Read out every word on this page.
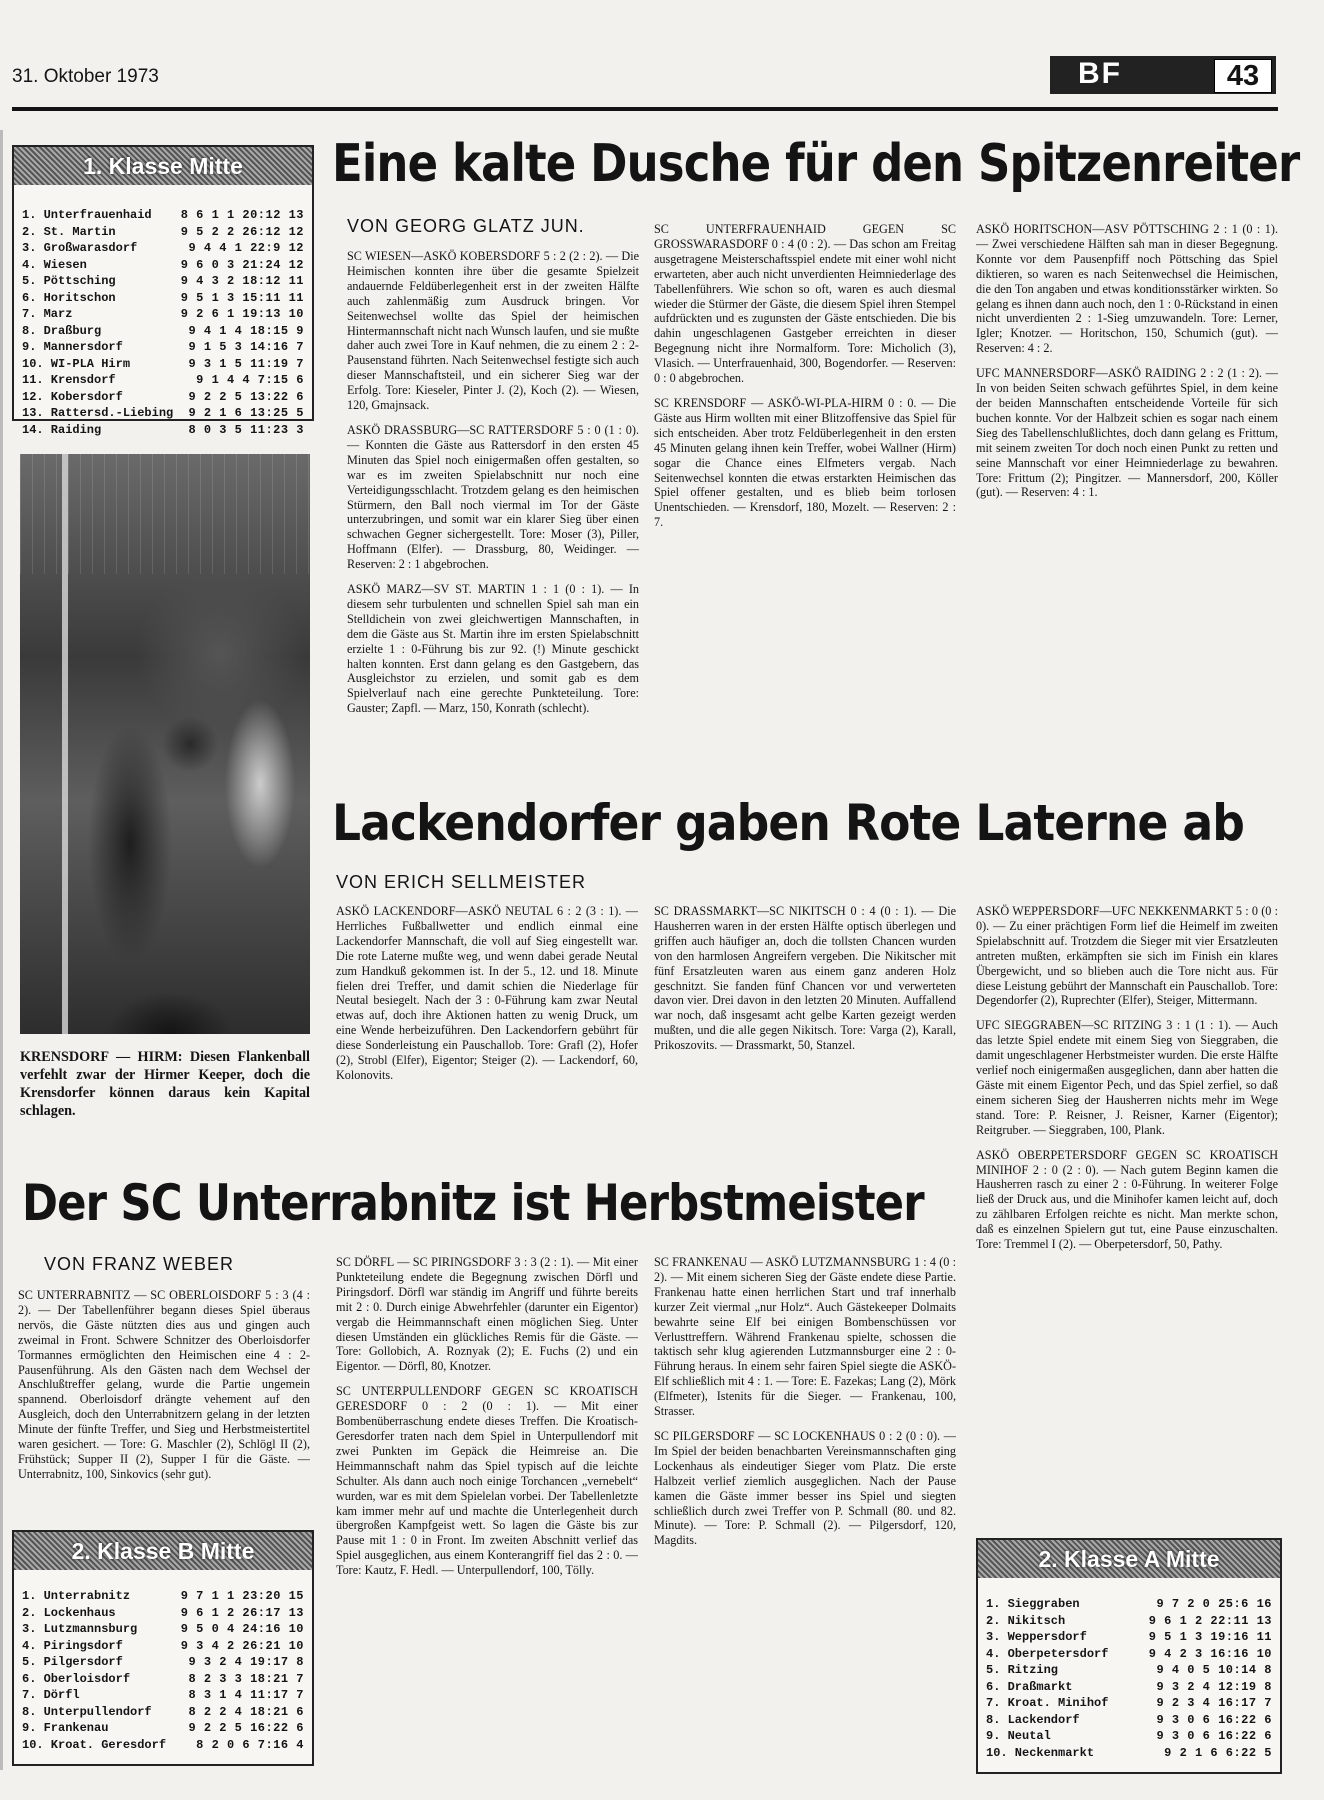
31. Oktober 1973	BF	43
1. Klasse Mitte
1. Unterfrauenhaid	8 6 1 1 20:12 13
2. St. Martin	9 5 2 2 26:12 12
3. Großwarasdorf	9 4 4 1 22:9 12
4. Wiesen	9 6 0 3 21:24 12
5. Pöttsching	9 4 3 2 18:12 11
6. Horitschon	9 5 1 3 15:11 11
7. Marz	9 2 6 1 19:13 10
8. Draßburg	9 4 1 4 18:15 9
9. Mannersdorf	9 1 5 3 14:16 7
10. WI-PLA Hirm	9 3 1 5 11:19 7
11. Krensdorf	9 1 4 4 7:15 6
12. Kobersdorf	9 2 2 5 13:22 6
13. Rattersd.-Liebing	9 2 1 6 13:25 5
14. Raiding	8 0 3 5 11:23 3
KRENSDORF — HIRM: Diesen Flankenball verfehlt zwar der Hirmer Keeper, doch die Krensdorfer können daraus kein Kapital schlagen.
Eine kalte Dusche für den Spitzenreiter
VON GEORG GLATZ JUN.

SC WIESEN—ASKÖ KOBERSDORF 5 : 2 (2 : 2). — Die Heimischen konnten ihre über die gesamte Spielzeit andauernde Feldüberlegenheit erst in der zweiten Hälfte auch zahlenmäßig zum Ausdruck bringen. Vor Seitenwechsel wollte das Spiel der heimischen Hintermannschaft nicht nach Wunsch laufen, und sie mußte daher auch zwei Tore in Kauf nehmen, die zu einem 2 : 2-Pausenstand führten. Nach Seitenwechsel festigte sich auch dieser Mannschaftsteil, und ein sicherer Sieg war der Erfolg. Tore: Kieseler, Pinter J. (2), Koch (2). — Wiesen, 120, Gmajnsack.

ASKÖ DRASSBURG—SC RATTERSDORF 5 : 0 (1 : 0). — Konnten die Gäste aus Rattersdorf in den ersten 45 Minuten das Spiel noch einigermaßen offen gestalten, so war es im zweiten Spielabschnitt nur noch eine Verteidigungsschlacht. Trotzdem gelang es den heimischen Stürmern, den Ball noch viermal im Tor der Gäste unterzubringen, und somit war ein klarer Sieg über einen schwachen Gegner sichergestellt. Tore: Moser (3), Piller, Hoffmann (Elfer). — Drassburg, 80, Weidinger. — Reserven: 2 : 1 abgebrochen.

ASKÖ MARZ—SV ST. MARTIN 1 : 1 (0 : 1). — In diesem sehr turbulenten und schnellen Spiel sah man ein Stelldichein von zwei gleichwertigen Mannschaften, in dem die Gäste aus St. Martin ihre im ersten Spielabschnitt erzielte 1 : 0-Führung bis zur 92. (!) Minute geschickt halten konnten. Erst dann gelang es den Gastgebern, das Ausgleichstor zu erzielen, und somit gab es dem Spielverlauf nach eine gerechte Punkteteilung. Tore: Gauster; Zapfl. — Marz, 150, Konrath (schlecht).

SC UNTERFRAUENHAID GEGEN SC GROSSWARASDORF 0 : 4 (0 : 2). — Das schon am Freitag ausgetragene Meisterschaftsspiel endete mit einer wohl nicht erwarteten, aber auch nicht unverdienten Heimniederlage des Tabellenführers. Wie schon so oft, waren es auch diesmal wieder die Stürmer der Gäste, die diesem Spiel ihren Stempel aufdrückten und es zugunsten der Gäste entschieden. Die bis dahin ungeschlagenen Gastgeber erreichten in dieser Begegnung nicht ihre Normalform. Tore: Micholich (3), Vlasich. — Unterfrauenhaid, 300, Bogendorfer. — Reserven: 0 : 0 abgebrochen.

SC KRENSDORF — ASKÖ-WI-PLA-HIRM 0 : 0. — Die Gäste aus Hirm wollten mit einer Blitzoffensive das Spiel für sich entscheiden. Aber trotz Feldüberlegenheit in den ersten 45 Minuten gelang ihnen kein Treffer, wobei Wallner (Hirm) sogar die Chance eines Elfmeters vergab. Nach Seitenwechsel konnten die etwas erstarkten Heimischen das Spiel offener gestalten, und es blieb beim torlosen Unentschieden. — Krensdorf, 180, Mozelt. — Reserven: 2 : 7.

ASKÖ HORITSCHON—ASV PÖTTSCHING 2 : 1 (0 : 1). — Zwei verschiedene Hälften sah man in dieser Begegnung. Konnte vor dem Pausenpfiff noch Pöttsching das Spiel diktieren, so waren es nach Seitenwechsel die Heimischen, die den Ton angaben und etwas konditionsstärker wirkten. So gelang es ihnen dann auch noch, den 1 : 0-Rückstand in einen nicht unverdienten 2 : 1-Sieg umzuwandeln. Tore: Lerner, Igler; Knotzer. — Horitschon, 150, Schumich (gut). — Reserven: 4 : 2.

UFC MANNERSDORF—ASKÖ RAIDING 2 : 2 (1 : 2). — In von beiden Seiten schwach geführtes Spiel, in dem keine der beiden Mannschaften entscheidende Vorteile für sich buchen konnte. Vor der Halbzeit schien es sogar nach einem Sieg des Tabellenschlußlichtes, doch dann gelang es Frittum, mit seinem zweiten Tor doch noch einen Punkt zu retten und seine Mannschaft vor einer Heimniederlage zu bewahren. Tore: Frittum (2); Pingitzer. — Mannersdorf, 200, Köller (gut). — Reserven: 4 : 1.

Lackendorfer gaben Rote Laterne ab
VON ERICH SELLMEISTER

ASKÖ LACKENDORF—ASKÖ NEUTAL 6 : 2 (3 : 1). — Herrliches Fußballwetter und endlich einmal eine Lackendorfer Mannschaft, die voll auf Sieg eingestellt war. Die rote Laterne mußte weg, und wenn dabei gerade Neutal zum Handkuß gekommen ist. In der 5., 12. und 18. Minute fielen drei Treffer, und damit schien die Niederlage für Neutal besiegelt. Nach der 3 : 0-Führung kam zwar Neutal etwas auf, doch ihre Aktionen hatten zu wenig Druck, um eine Wende herbeizuführen. Den Lackendorfern gebührt für diese Sonderleistung ein Pauschallob. Tore: Grafl (2), Hofer (2), Strobl (Elfer), Eigentor; Steiger (2). — Lackendorf, 60, Kolonovits.

SC DRASSMARKT—SC NIKITSCH 0 : 4 (0 : 1). — Die Hausherren waren in der ersten Hälfte optisch überlegen und griffen auch häufiger an, doch die tollsten Chancen wurden von den harmlosen Angreifern vergeben. Die Nikitscher mit fünf Ersatzleuten waren aus einem ganz anderen Holz geschnitzt. Sie fanden fünf Chancen vor und verwerteten davon vier. Drei davon in den letzten 20 Minuten. Auffallend war noch, daß insgesamt acht gelbe Karten gezeigt werden mußten, und die alle gegen Nikitsch. Tore: Varga (2), Karall, Prikoszovits. — Drassmarkt, 50, Stanzel.

ASKÖ WEPPERSDORF—UFC NEKKENMARKT 5 : 0 (0 : 0). — Zu einer prächtigen Form lief die Heimelf im zweiten Spielabschnitt auf. Trotzdem die Sieger mit vier Ersatzleuten antreten mußten, erkämpften sie sich im Finish ein klares Übergewicht, und so blieben auch die Tore nicht aus. Für diese Leistung gebührt der Mannschaft ein Pauschallob. Tore: Degendorfer (2), Ruprechter (Elfer), Steiger, Mittermann.

UFC SIEGGRABEN—SC RITZING 3 : 1 (1 : 1). — Auch das letzte Spiel endete mit einem Sieg von Sieggraben, die damit ungeschlagener Herbstmeister wurden. Die erste Hälfte verlief noch einigermaßen ausgeglichen, dann aber hatten die Gäste mit einem Eigentor Pech, und das Spiel zerfiel, so daß einem sicheren Sieg der Hausherren nichts mehr im Wege stand. Tore: P. Reisner, J. Reisner, Karner (Eigentor); Reitgruber. — Sieggraben, 100, Plank.

ASKÖ OBERPETERSDORF GEGEN SC KROATISCH MINIHOF 2 : 0 (2 : 0). — Nach gutem Beginn kamen die Hausherren rasch zu einer 2 : 0-Führung. In weiterer Folge ließ der Druck aus, und die Minihofer kamen leicht auf, doch zu zählbaren Erfolgen reichte es nicht. Man merkte schon, daß es einzelnen Spielern gut tut, eine Pause einzuschalten. Tore: Tremmel I (2). — Oberpetersdorf, 50, Pathy.

Der SC Unterrabnitz ist Herbstmeister
VON FRANZ WEBER

SC UNTERRABNITZ — SC OBERLOISDORF 5 : 3 (4 : 2). — Der Tabellenführer begann dieses Spiel überaus nervös, die Gäste nützten dies aus und gingen auch zweimal in Front. Schwere Schnitzer des Oberloisdorfer Tormannes ermöglichten den Heimischen eine 4 : 2-Pausenführung. Als den Gästen nach dem Wechsel der Anschlußtreffer gelang, wurde die Partie ungemein spannend. Oberloisdorf drängte vehement auf den Ausgleich, doch den Unterrabnitzern gelang in der letzten Minute der fünfte Treffer, und Sieg und Herbstmeistertitel waren gesichert. — Tore: G. Maschler (2), Schlögl II (2), Frühstück; Supper II (2), Supper I für die Gäste. — Unterrabnitz, 100, Sinkovics (sehr gut).

SC DÖRFL — SC PIRINGSDORF 3 : 3 (2 : 1). — Mit einer Punkteteilung endete die Begegnung zwischen Dörfl und Piringsdorf. Dörfl war ständig im Angriff und führte bereits mit 2 : 0. Durch einige Abwehrfehler (darunter ein Eigentor) vergab die Heimmannschaft einen möglichen Sieg. Unter diesen Umständen ein glückliches Remis für die Gäste. — Tore: Gollobich, A. Roznyak (2); E. Fuchs (2) und ein Eigentor. — Dörfl, 80, Knotzer.

SC UNTERPULLENDORF GEGEN SC KROATISCH GERESDORF 0 : 2 (0 : 1). — Mit einer Bombenüberraschung endete dieses Treffen. Die Kroatisch-Geresdorfer traten nach dem Spiel in Unterpullendorf mit zwei Punkten im Gepäck die Heimreise an. Die Heimmannschaft nahm das Spiel typisch auf die leichte Schulter. Als dann auch noch einige Torchancen „vernebelt“ wurden, war es mit dem Spielelan vorbei. Der Tabellenletzte kam immer mehr auf und machte die Unterlegenheit durch übergroßen Kampfgeist wett. So lagen die Gäste bis zur Pause mit 1 : 0 in Front. Im zweiten Abschnitt verlief das Spiel ausgeglichen, aus einem Konterangriff fiel das 2 : 0. — Tore: Kautz, F. Hedl. — Unterpullendorf, 100, Tölly.

SC FRANKENAU — ASKÖ LUTZMANNSBURG 1 : 4 (0 : 2). — Mit einem sicheren Sieg der Gäste endete diese Partie. Frankenau hatte einen herrlichen Start und traf innerhalb kurzer Zeit viermal „nur Holz“. Auch Gästekeeper Dolmaits bewahrte seine Elf bei einigen Bombenschüssen vor Verlusttreffern. Während Frankenau spielte, schossen die taktisch sehr klug agierenden Lutzmannsburger eine 2 : 0-Führung heraus. In einem sehr fairen Spiel siegte die ASKÖ-Elf schließlich mit 4 : 1. — Tore: E. Fazekas; Lang (2), Mörk (Elfmeter), Istenits für die Sieger. — Frankenau, 100, Strasser.

SC PILGERSDORF — SC LOCKENHAUS 0 : 2 (0 : 0). — Im Spiel der beiden benachbarten Vereinsmannschaften ging Lockenhaus als eindeutiger Sieger vom Platz. Die erste Halbzeit verlief ziemlich ausgeglichen. Nach der Pause kamen die Gäste immer besser ins Spiel und siegten schließlich durch zwei Treffer von P. Schmall (80. und 82. Minute). — Tore: P. Schmall (2). — Pilgersdorf, 120, Magdits.

2. Klasse B Mitte
1. Unterrabnitz	9 7 1 1 23:20 15
2. Lockenhaus	9 6 1 2 26:17 13
3. Lutzmannsburg	9 5 0 4 24:16 10
4. Piringsdorf	9 3 4 2 26:21 10
5. Pilgersdorf	9 3 2 4 19:17 8
6. Oberloisdorf	8 2 3 3 18:21 7
7. Dörfl	8 3 1 4 11:17 7
8. Unterpullendorf	8 2 2 4 18:21 6
9. Frankenau	9 2 2 5 16:22 6
10. Kroat. Geresdorf	8 2 0 6 7:16 4
2. Klasse A Mitte
1. Sieggraben	9 7 2 0 25:6 16
2. Nikitsch	9 6 1 2 22:11 13
3. Weppersdorf	9 5 1 3 19:16 11
4. Oberpetersdorf	9 4 2 3 16:16 10
5. Ritzing	9 4 0 5 10:14 8
6. Draßmarkt	9 3 2 4 12:19 8
7. Kroat. Minihof	9 2 3 4 16:17 7
8. Lackendorf	9 3 0 6 16:22 6
9. Neutal	9 3 0 6 16:22 6
10. Neckenmarkt	9 2 1 6 6:22 5
